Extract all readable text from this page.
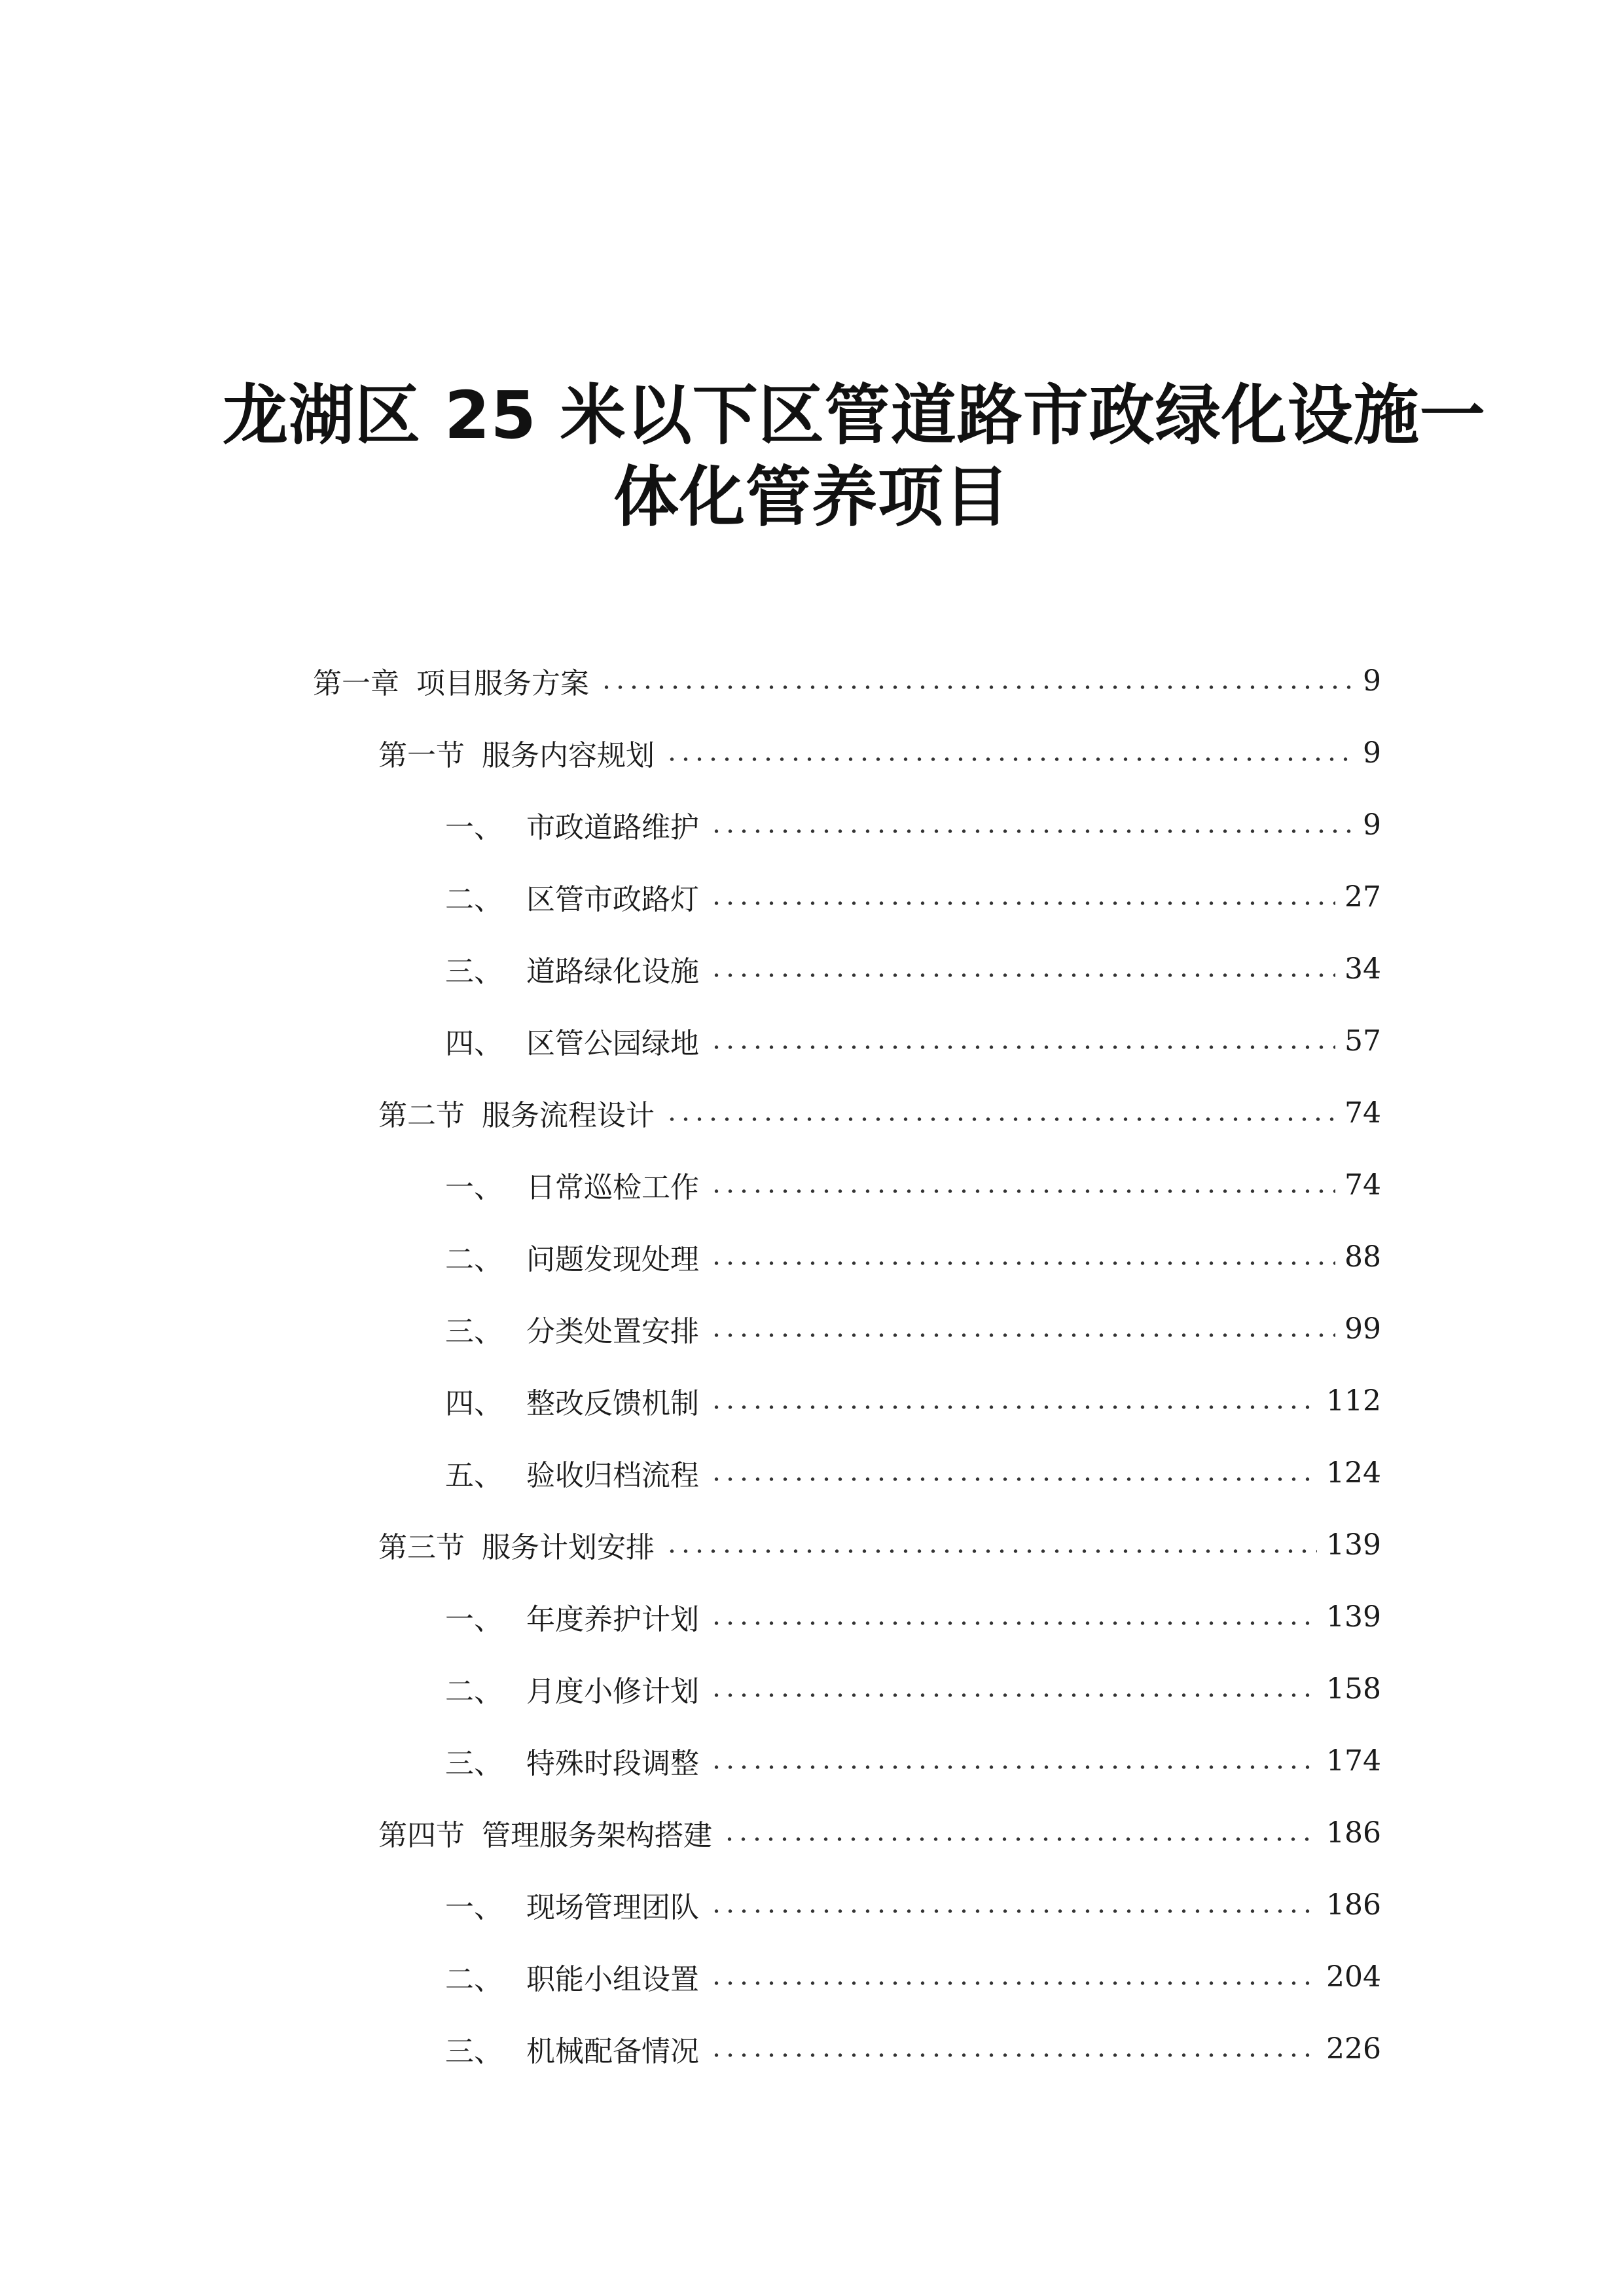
龙湖区 25 米以下区管道路市政绿化设施一
体化管养项目
第一章 项目服务方案	9
第一节 服务内容规划	9
一、 市政道路维护	9
二、 区管市政路灯	27
三、 道路绿化设施	34
四、 区管公园绿地	57
第二节 服务流程设计	74
一、 日常巡检工作	74
二、 问题发现处理	88
三、 分类处置安排	99
四、 整改反馈机制	112
五、 验收归档流程	124
第三节 服务计划安排	139
一、 年度养护计划	139
二、 月度小修计划	158
三、 特殊时段调整	174
第四节 管理服务架构搭建	186
一、 现场管理团队	186
二、 职能小组设置	204
三、 机械配备情况	226
